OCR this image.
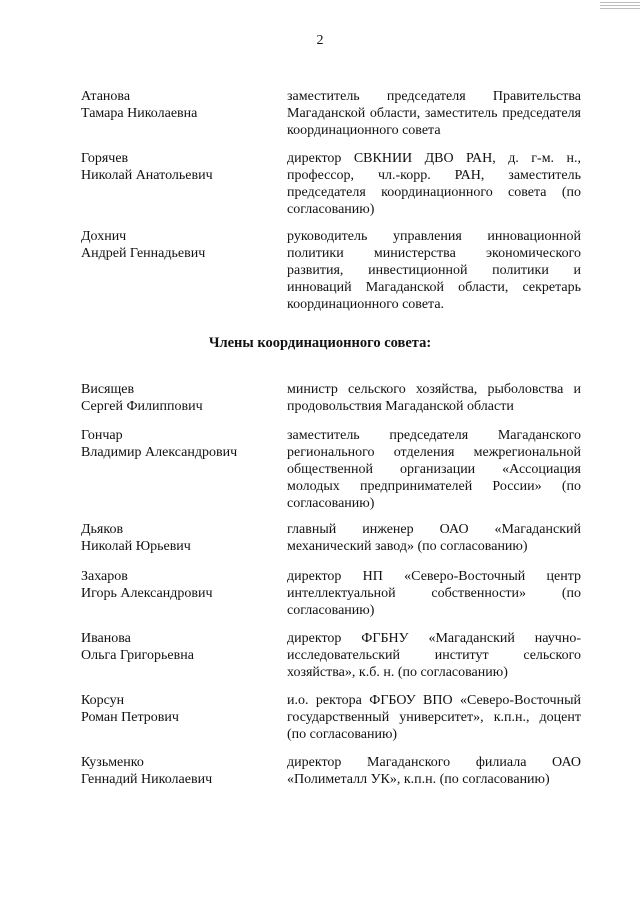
2
Атанова
Тамара Николаевна
заместитель председателя Правительства Магаданской области, заместитель председателя координационного совета
Горячев
Николай Анатольевич
директор СВКНИИ ДВО РАН, д. г-м. н., профессор, чл.-корр. РАН, заместитель председателя координационного совета (по согласованию)
Дохнич
Андрей Геннадьевич
руководитель управления инновационной политики министерства экономического развития, инвестиционной политики и инноваций Магаданской области, секретарь координационного совета.
Члены координационного совета:
Висящев
Сергей Филиппович
министр сельского хозяйства, рыболовства и продовольствия Магаданской области
Гончар
Владимир Александрович
заместитель председателя Магаданского регионального отделения межрегиональной общественной организации «Ассоциация молодых предпринимателей России» (по согласованию)
Дьяков
Николай Юрьевич
главный инженер ОАО «Магаданский механический завод» (по согласованию)
Захаров
Игорь Александрович
директор НП «Северо-Восточный центр интеллектуальной собственности» (по согласованию)
Иванова
Ольга Григорьевна
директор ФГБНУ «Магаданский научно-исследовательский институт сельского хозяйства», к.б. н. (по согласованию)
Корсун
Роман Петрович
и.о. ректора ФГБОУ ВПО «Северо-Восточный государственный университет», к.п.н., доцент (по согласованию)
Кузьменко
Геннадий Николаевич
директор Магаданского филиала ОАО «Полиметалл УК», к.п.н. (по согласованию)
